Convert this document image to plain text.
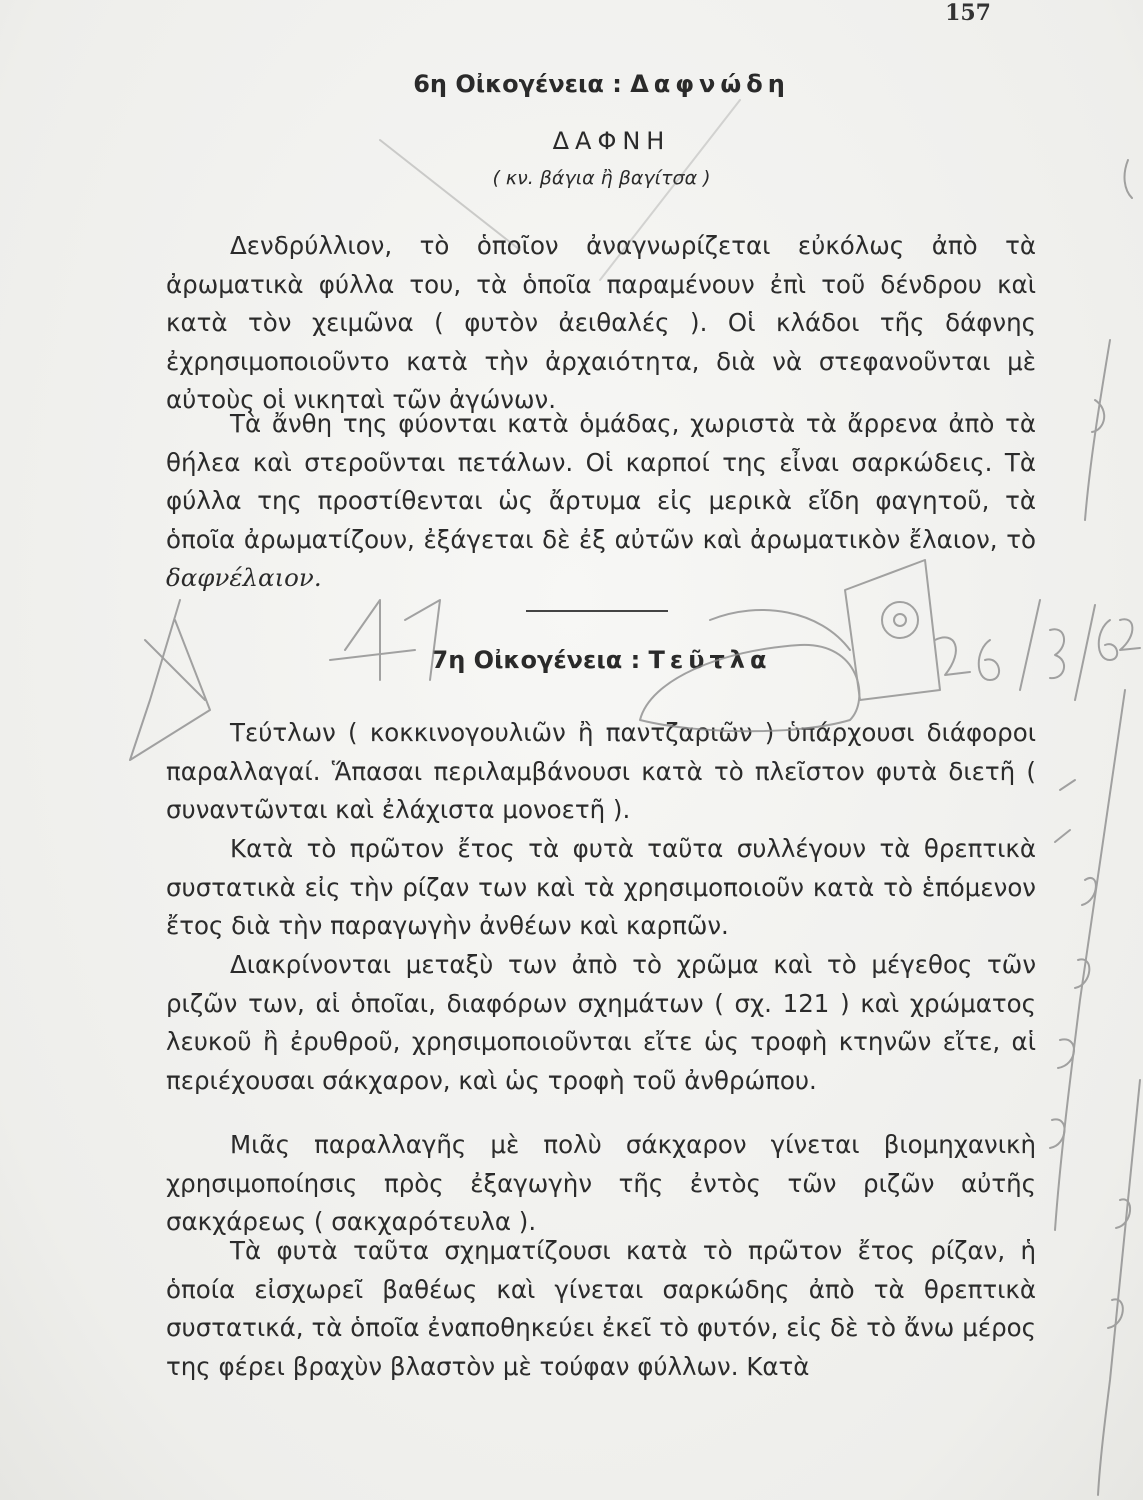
157
6η Οἰκογένεια : Δαφνώδη
ΔΑΦΝΗ
( κν. βάγια ἢ βαγίτσα )
Δενδρύλλιον, τὸ ὁποῖον ἀναγνωρίζεται εὐκόλως ἀπὸ τὰ ἀρωματικὰ φύλλα του, τὰ ὁποῖα παραμένουν ἐπὶ τοῦ δένδρου καὶ κατὰ τὸν χειμῶνα ( φυτὸν ἀειθαλές ). Οἱ κλάδοι τῆς δάφνης ἐχρησιμοποιοῦντο κατὰ τὴν ἀρχαιότητα, διὰ νὰ στεφανοῦνται μὲ αὐτοὺς οἱ νικηταὶ τῶν ἀγώνων.
Τὰ ἄνθη της φύονται κατὰ ὁμάδας, χωριστὰ τὰ ἄρρενα ἀπὸ τὰ θήλεα καὶ στεροῦνται πετάλων. Οἱ καρποί της εἶναι σαρκώδεις. Τὰ φύλλα της προστίθενται ὡς ἄρτυμα εἰς μερικὰ εἴδη φαγητοῦ, τὰ ὁποῖα ἀρωματίζουν, ἐξάγεται δὲ ἐξ αὐτῶν καὶ ἀρωματικὸν ἔλαιον, τὸ δαφνέλαιον.
7η Οἰκογένεια : Τεῦτλα
Τεύτλων ( κοκκινογουλιῶν ἢ παντζαριῶν ) ὑπάρχουσι διάφοροι παραλλαγαί. Ἅπασαι περιλαμβάνουσι κατὰ τὸ πλεῖστον φυτὰ διετῆ ( συναντῶνται καὶ ἐλάχιστα μονοετῆ ).
Κατὰ τὸ πρῶτον ἔτος τὰ φυτὰ ταῦτα συλλέγουν τὰ θρεπτικὰ συστατικὰ εἰς τὴν ρίζαν των καὶ τὰ χρησιμοποιοῦν κατὰ τὸ ἑπόμενον ἔτος διὰ τὴν παραγωγὴν ἀνθέων καὶ καρπῶν.
Διακρίνονται μεταξὺ των ἀπὸ τὸ χρῶμα καὶ τὸ μέγεθος τῶν ριζῶν των, αἱ ὁποῖαι, διαφόρων σχημάτων ( σχ. 121 ) καὶ χρώματος λευκοῦ ἢ ἐρυθροῦ, χρησιμοποιοῦνται εἴτε ὡς τροφὴ κτηνῶν εἴτε, αἱ περιέχουσαι σάκχαρον, καὶ ὡς τροφὴ τοῦ ἀνθρώπου.
Μιᾶς παραλλαγῆς μὲ πολὺ σάκχαρον γίνεται βιομηχανικὴ χρησιμοποίησις πρὸς ἐξαγωγὴν τῆς ἐντὸς τῶν ριζῶν αὐτῆς σακχάρεως ( σακχαρότευλα ).
Τὰ φυτὰ ταῦτα σχηματίζουσι κατὰ τὸ πρῶτον ἔτος ρίζαν, ἡ ὁποία εἰσχωρεῖ βαθέως καὶ γίνεται σαρκώδης ἀπὸ τὰ θρεπτικὰ συστατικά, τὰ ὁποῖα ἐναποθηκεύει ἐκεῖ τὸ φυτόν, εἰς δὲ τὸ ἄνω μέρος της φέρει βραχὺν βλαστὸν μὲ τούφαν φύλλων. Κατὰ
